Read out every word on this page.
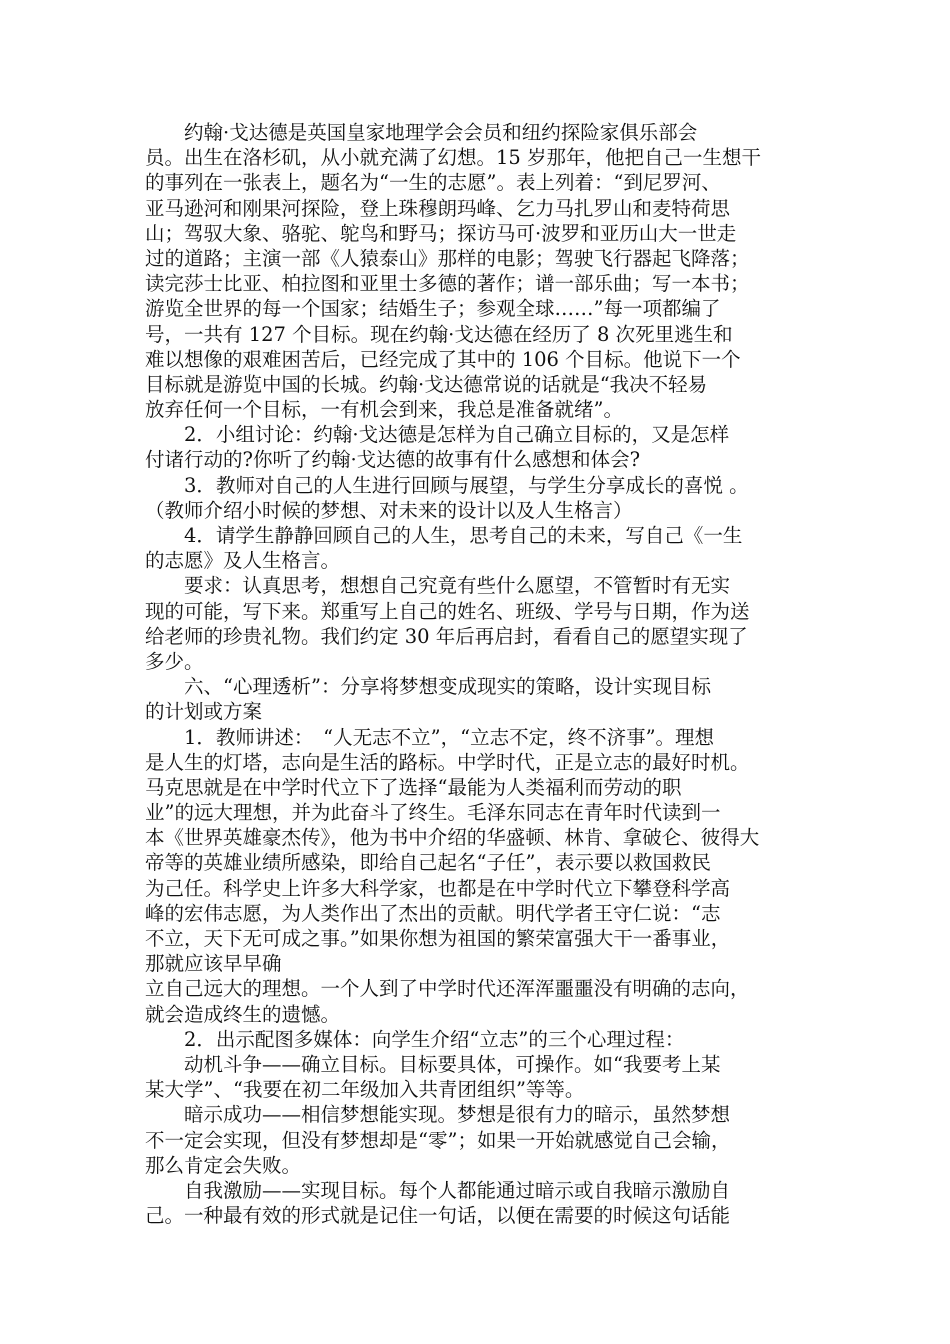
　　约翰·戈达德是英国皇家地理学会会员和纽约探险家俱乐部会
员。出生在洛杉矶，从小就充满了幻想。15 岁那年，他把自己一生想干
的事列在一张表上，题名为“一生的志愿”。表上列着：“到尼罗河、
亚马逊河和刚果河探险，登上珠穆朗玛峰、乞力马扎罗山和麦特荷思
山；驾驭大象、骆驼、鸵鸟和野马；探访马可·波罗和亚历山大一世走
过的道路；主演一部《人猿泰山》那样的电影；驾驶飞行器起飞降落；
读完莎士比亚、柏拉图和亚里士多德的著作；谱一部乐曲；写一本书；
游览全世界的每一个国家；结婚生子；参观全球……”每一项都编了
号，一共有 127 个目标。现在约翰·戈达德在经历了 8 次死里逃生和
难以想像的艰难困苦后，已经完成了其中的 106 个目标。他说下一个
目标就是游览中国的长城。约翰·戈达德常说的话就是“我决不轻易
放弃任何一个目标，一有机会到来，我总是准备就绪”。
　　2．小组讨论：约翰·戈达德是怎样为自己确立目标的，又是怎样
付诸行动的?你听了约翰·戈达德的故事有什么感想和体会?
　　3．教师对自己的人生进行回顾与展望，与学生分享成长的喜悦 。
（教师介绍小时候的梦想、对未来的设计以及人生格言）
　　4．请学生静静回顾自己的人生，思考自己的未来，写自己《一生
的志愿》及人生格言。
　　要求：认真思考，想想自己究竟有些什么愿望，不管暂时有无实
现的可能，写下来。郑重写上自己的姓名、班级、学号与日期，作为送
给老师的珍贵礼物。我们约定 30 年后再启封，看看自己的愿望实现了
多少。
　　六、“心理透析”：分享将梦想变成现实的策略，设计实现目标
的计划或方案
　　1．教师讲述：　“人无志不立”，“立志不定，终不济事”。理想
是人生的灯塔，志向是生活的路标。中学时代，正是立志的最好时机。
马克思就是在中学时代立下了选择“最能为人类福利而劳动的职
业”的远大理想，并为此奋斗了终生。毛泽东同志在青年时代读到一
本《世界英雄豪杰传》，他为书中介绍的华盛顿、林肯、拿破仑、彼得大
帝等的英雄业绩所感染，即给自己起名“子任”，表示要以救国救民
为己任。科学史上许多大科学家，也都是在中学时代立下攀登科学高
峰的宏伟志愿，为人类作出了杰出的贡献。明代学者王守仁说：“志
不立，天下无可成之事。”如果你想为祖国的繁荣富强大干一番事业，
那就应该早早确
立自己远大的理想。一个人到了中学时代还浑浑噩噩没有明确的志向，
就会造成终生的遗憾。
　　2．出示配图多媒体：向学生介绍“立志”的三个心理过程：
　　动机斗争——确立目标。目标要具体，可操作。如“我要考上某
某大学”、“我要在初二年级加入共青团组织”等等。
　　暗示成功——相信梦想能实现。梦想是很有力的暗示，虽然梦想
不一定会实现，但没有梦想却是“零”；如果一开始就感觉自己会输，
那么肯定会失败。
　　自我激励——实现目标。每个人都能通过暗示或自我暗示激励自
己。一种最有效的形式就是记住一句话，以便在需要的时候这句话能
